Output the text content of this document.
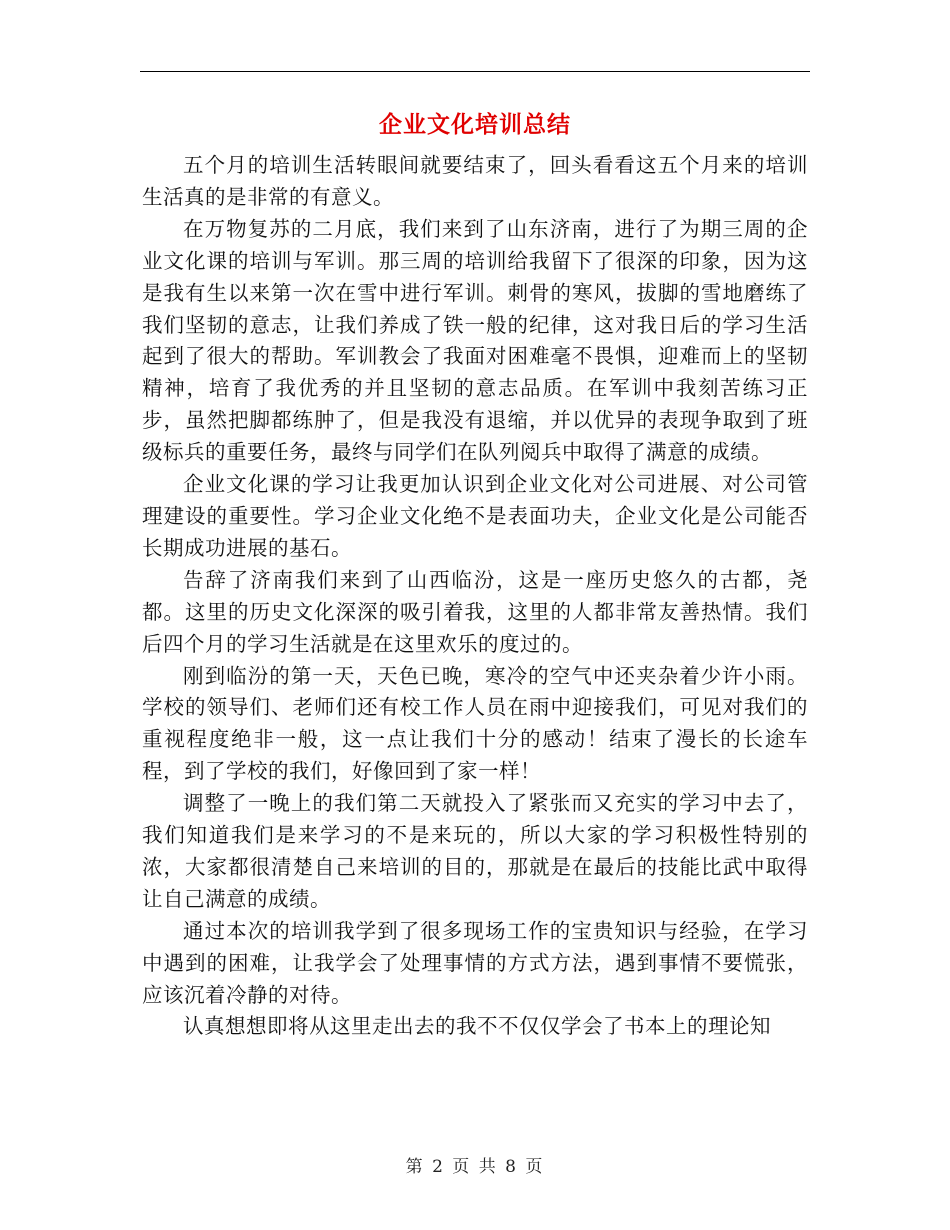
企业文化培训总结

五个月的培训生活转眼间就要结束了，回头看看这五个月来的培训生活真的是非常的有意义。

在万物复苏的二月底，我们来到了山东济南，进行了为期三周的企业文化课的培训与军训。那三周的培训给我留下了很深的印象，因为这是我有生以来第一次在雪中进行军训。刺骨的寒风，拔脚的雪地磨练了我们坚韧的意志，让我们养成了铁一般的纪律，这对我日后的学习生活起到了很大的帮助。军训教会了我面对困难毫不畏惧，迎难而上的坚韧精神，培育了我优秀的并且坚韧的意志品质。在军训中我刻苦练习正步，虽然把脚都练肿了，但是我没有退缩，并以优异的表现争取到了班级标兵的重要任务，最终与同学们在队列阅兵中取得了满意的成绩。

企业文化课的学习让我更加认识到企业文化对公司进展、对公司管理建设的重要性。学习企业文化绝不是表面功夫，企业文化是公司能否长期成功进展的基石。

告辞了济南我们来到了山西临汾，这是一座历史悠久的古都，尧都。这里的历史文化深深的吸引着我，这里的人都非常友善热情。我们后四个月的学习生活就是在这里欢乐的度过的。

刚到临汾的第一天，天色已晚，寒冷的空气中还夹杂着少许小雨。学校的领导们、老师们还有校工作人员在雨中迎接我们，可见对我们的重视程度绝非一般，这一点让我们十分的感动！结束了漫长的长途车程，到了学校的我们，好像回到了家一样！

调整了一晚上的我们第二天就投入了紧张而又充实的学习中去了，我们知道我们是来学习的不是来玩的，所以大家的学习积极性特别的浓，大家都很清楚自己来培训的目的，那就是在最后的技能比武中取得让自己满意的成绩。

通过本次的培训我学到了很多现场工作的宝贵知识与经验，在学习中遇到的困难，让我学会了处理事情的方式方法，遇到事情不要慌张，应该沉着冷静的对待。

认真想想即将从这里走出去的我不不仅仅学会了书本上的理论知

第 2 页 共 8 页
